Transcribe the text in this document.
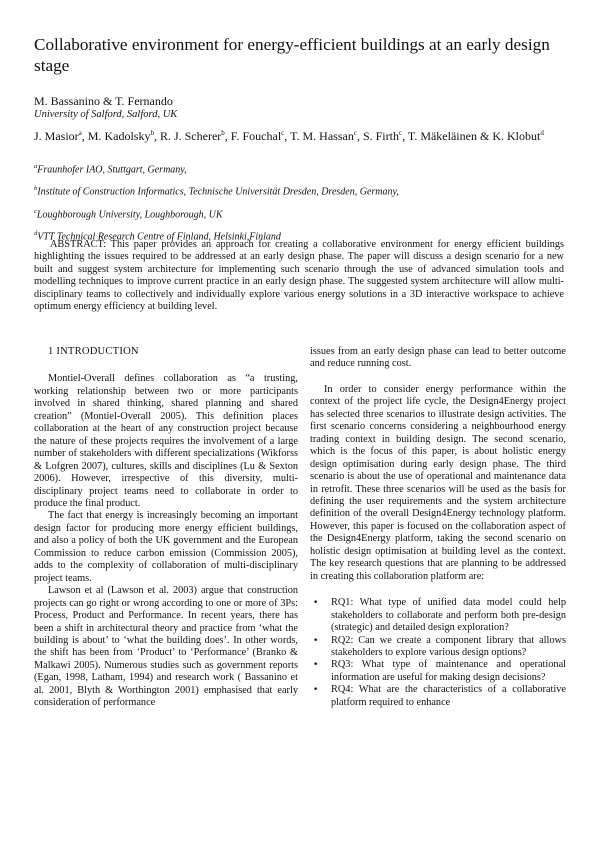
Collaborative environment for energy-efficient buildings at an early design stage
M. Bassanino & T. Fernando
University of Salford, Salford, UK
J. Masior$^a$, M. Kadolsky$^b$, R. J. Scherer$^b$, F. Fouchal$^c$, T. M. Hassan$^c$, S. Firth$^c$, T. Mäkeläinen & K. Klobut$^d$
$^a$Fraunhofer IAO, Stuttgart, Germany,
$^b$Institute of Construction Informatics, Technische Universität Dresden, Dresden, Germany,
$^c$Loughborough University, Loughborough, UK
$^d$VTT Technical Research Centre of Finland, Helsinki,Finland
ABSTRACT: This paper provides an approach for creating a collaborative environment for energy efficient buildings highlighting the issues required to be addressed at an early design phase. The paper will discuss a design scenario for a new built and suggest system architecture for implementing such scenario through the use of advanced simulation tools and modelling techniques to improve current practice in an early design phase. The suggested system architecture will allow multi-disciplinary teams to collectively and individually explore various energy solutions in a 3D interactive workspace to achieve optimum energy efficiency at building level.
1 INTRODUCTION

Montiel-Overall defines collaboration as “a trusting, working relationship between two or more participants involved in shared thinking, shared planning and shared creation” (Montiel-Overall 2005). This definition places collaboration at the heart of any construction project because the nature of these projects requires the involvement of a large number of stakeholders with different specializations (Wikforss & Lofgren 2007), cultures, skills and disciplines (Lu & Sexton 2006). However, irrespective of this diversity, multi-disciplinary project teams need to collaborate in order to produce the final product.

The fact that energy is increasingly becoming an important design factor for producing more energy efficient buildings, and also a policy of both the UK government and the European Commission to reduce carbon emission (Commission 2005), adds to the complexity of collaboration of multi-disciplinary project teams.

Lawson et al (Lawson et al. 2003) argue that construction projects can go right or wrong according to one or more of 3Ps: Process, Product and Performance. In recent years, there has been a shift in architectural theory and practice from ‘what the building is about’ to ‘what the building does’. In other words, the shift has been from ‘Product’ to ‘Performance’ (Branko & Malkawi 2005). Numerous studies such as government reports (Egan, 1998, Latham, 1994) and research work ( Bassanino et al. 2001, Blyth & Worthington 2001) emphasised that early consideration of performance

issues from an early design phase can lead to better outcome and reduce running cost.

In order to consider energy performance within the context of the project life cycle, the Design4Energy project has selected three scenarios to illustrate design activities. The first scenario concerns considering a neighbourhood energy trading context in building design. The second scenario, which is the focus of this paper, is about holistic energy design optimisation during early design phase. The third scenario is about the use of operational and maintenance data in retrofit. These three scenarios will be used as the basis for defining the user requirements and the system architecture definition of the overall Design4Energy technology platform. However, this paper is focused on the collaboration aspect of the Design4Energy platform, taking the second scenario on holistic design optimisation at building level as the context. The key research questions that are planning to be addressed in creating this collaboration platform are:

• RQ1: What type of unified data model could help stakeholders to collaborate and perform both pre-design (strategic) and detailed design exploration?
• RQ2: Can we create a component library that allows stakeholders to explore various design options?
• RQ3: What type of maintenance and operational information are useful for making design decisions?
• RQ4: What are the characteristics of a collaborative platform required to enhance
